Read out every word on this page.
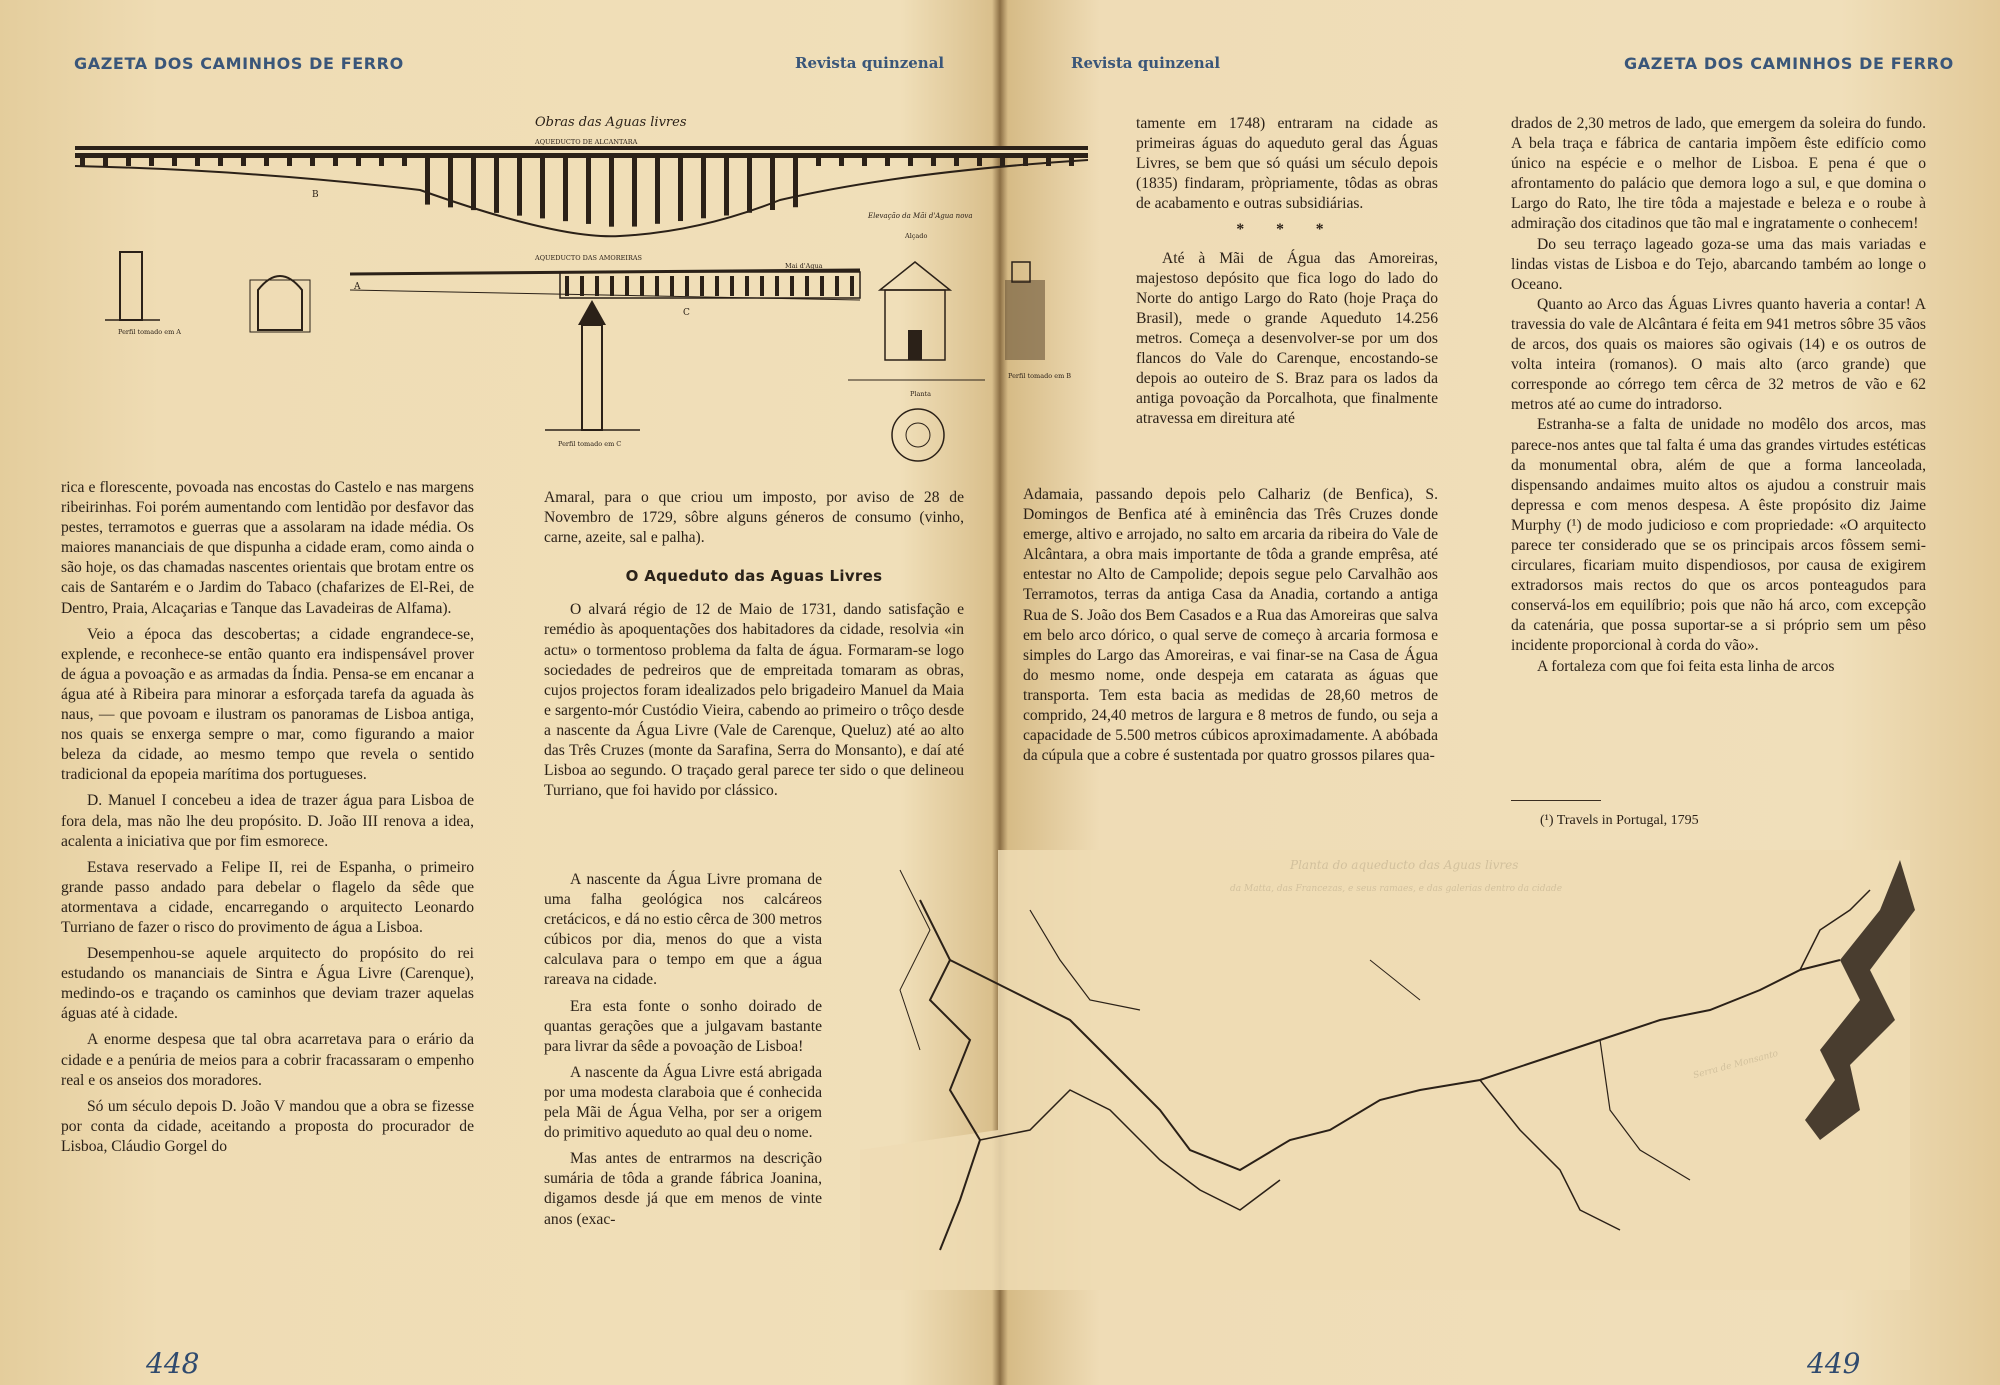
GAZETA DOS CAMINHOS DE FERRO	Revista quinzenal	Revista quinzenal	GAZETA DOS CAMINHOS DE FERRO
Obras das Aguas livres
AQUEDUCTO DE ALCANTARA
AQUEDUCTO DAS AMOREIRAS
Mai d'Agua
Elevação da Mãi d'Agua nova
Alçado
Planta
Perfil tomado em A
Perfil tomado em B
Perfil tomado em C
A
B
C

rica e florescente, povoada nas encostas do Castelo e nas margens ribeirinhas. Foi porém aumentando com lentidão por desfavor das pestes, terramotos e guerras que a assolaram na idade média. Os maiores mananciais de que dispunha a cidade eram, como ainda o são hoje, os das chamadas nascentes orientais que brotam entre os cais de Santarém e o Jardim do Tabaco (chafarizes de El-Rei, de Dentro, Praia, Alcaçarias e Tanque das Lavadeiras de Alfama).

Veio a época das descobertas; a cidade engrandece-se, explende, e reconhece-se então quanto era indispensável prover de água a povoação e as armadas da Índia. Pensa-se em encanar a água até à Ribeira para minorar a esforçada tarefa da aguada às naus, — que povoam e ilustram os panoramas de Lisboa antiga, nos quais se enxerga sempre o mar, como figurando a maior beleza da cidade, ao mesmo tempo que revela o sentido tradicional da epopeia marítima dos portugueses.

D. Manuel I concebeu a idea de trazer água para Lisboa de fora dela, mas não lhe deu propósito. D. João III renova a idea, acalenta a iniciativa que por fim esmorece.

Estava reservado a Felipe II, rei de Espanha, o primeiro grande passo andado para debelar o flagelo da sêde que atormentava a cidade, encarregando o arquitecto Leonardo Turriano de fazer o risco do provimento de água a Lisboa.

Desempenhou-se aquele arquitecto do propósito do rei estudando os mananciais de Sintra e Água Livre (Carenque), medindo-os e traçando os caminhos que deviam trazer aquelas águas até à cidade.

A enorme despesa que tal obra acarretava para o erário da cidade e a penúria de meios para a cobrir fracassaram o empenho real e os anseios dos moradores.

Só um século depois D. João V mandou que a obra se fizesse por conta da cidade, aceitando a proposta do procurador de Lisboa, Cláudio Gorgel do

Amaral, para o que criou um imposto, por aviso de 28 de Novembro de 1729, sôbre alguns géneros de consumo (vinho, carne, azeite, sal e palha).

O Aqueduto das Aguas Livres

O alvará régio de 12 de Maio de 1731, dando satisfação e remédio às apoquentações dos habitadores da cidade, resolvia «in actu» o tormentoso problema da falta de água. Formaram-se logo sociedades de pedreiros que de empreitada tomaram as obras, cujos projectos foram idealizados pelo brigadeiro Manuel da Maia e sargento-mór Custódio Vieira, cabendo ao primeiro o trôço desde a nascente da Água Livre (Vale de Carenque, Queluz) até ao alto das Três Cruzes (monte da Sarafina, Serra do Monsanto), e daí até Lisboa ao segundo. O traçado geral parece ter sido o que delineou Turriano, que foi havido por clássico.

A nascente da Água Livre promana de uma falha geológica nos calcáreos cretácicos, e dá no estio cêrca de 300 metros cúbicos por dia, menos do que a vista calculava para o tempo em que a água rareava na cidade.

Era esta fonte o sonho doirado de quantas gerações que a julgavam bastante para livrar da sêde a povoação de Lisboa!

A nascente da Água Livre está abrigada por uma modesta claraboia que é conhecida pela Mãi de Água Velha, por ser a origem do primitivo aqueduto ao qual deu o nome.

Mas antes de entrarmos na descrição sumária de tôda a grande fábrica Joanina, digamos desde já que em menos de vinte anos (exac-

tamente em 1748) entraram na cidade as primeiras águas do aqueduto geral das Águas Livres, se bem que só quási um século depois (1835) findaram, pròpriamente, tôdas as obras de acabamento e outras subsidiárias.

* * *

Até à Mãi de Água das Amoreiras, majestoso depósito que fica logo do lado do Norte do antigo Largo do Rato (hoje Praça do Brasil), mede o grande Aqueduto 14.256 metros. Começa a desenvolver-se por um dos flancos do Vale do Carenque, encostando-se depois ao outeiro de S. Braz para os lados da antiga povoação da Porcalhota, que finalmente atravessa em direitura até

Adamaia, passando depois pelo Calhariz (de Benfica), S. Domingos de Benfica até à eminência das Três Cruzes donde emerge, altivo e arrojado, no salto em arcaria da ribeira do Vale de Alcântara, a obra mais importante de tôda a grande emprêsa, até entestar no Alto de Campolide; depois segue pelo Carvalhão aos Terramotos, terras da antiga Casa da Anadia, cortando a antiga Rua de S. João dos Bem Casados e a Rua das Amoreiras que salva em belo arco dórico, o qual serve de começo à arcaria formosa e simples do Largo das Amoreiras, e vai finar-se na Casa de Água do mesmo nome, onde despeja em catarata as águas que transporta. Tem esta bacia as medidas de 28,60 metros de comprido, 24,40 metros de largura e 8 metros de fundo, ou seja a capacidade de 5.500 metros cúbicos aproximadamente. A abóbada da cúpula que a cobre é sustentada por quatro grossos pilares qua-

drados de 2,30 metros de lado, que emergem da soleira do fundo. A bela traça e fábrica de cantaria impõem êste edifício como único na espécie e o melhor de Lisboa. E pena é que o afrontamento do palácio que demora logo a sul, e que domina o Largo do Rato, lhe tire tôda a majestade e beleza e o roube à admiração dos citadinos que tão mal e ingratamente o conhecem!

Do seu terraço lageado goza-se uma das mais variadas e lindas vistas de Lisboa e do Tejo, abarcando também ao longe o Oceano.

Quanto ao Arco das Águas Livres quanto haveria a contar! A travessia do vale de Alcântara é feita em 941 metros sôbre 35 vãos de arcos, dos quais os maiores são ogivais (14) e os outros de volta inteira (romanos). O mais alto (arco grande) que corresponde ao córrego tem cêrca de 32 metros de vão e 62 metros até ao cume do intradorso.

Estranha-se a falta de unidade no modêlo dos arcos, mas parece-nos antes que tal falta é uma das grandes virtudes estéticas da monumental obra, além de que a forma lanceolada, dispensando andaimes muito altos os ajudou a construir mais depressa e com menos despesa. A êste propósito diz Jaime Murphy (¹) de modo judicioso e com propriedade: «O arquitecto parece ter considerado que se os principais arcos fôssem semi-circulares, ficariam muito dispendiosos, por causa de exigirem extradorsos mais rectos do que os arcos ponteagudos para conservá-los em equilíbrio; pois que não há arco, com excepção da catenária, que possa suportar-se a si próprio sem um pêso incidente proporcional à corda do vão».

A fortaleza com que foi feita esta linha de arcos

(¹) Travels in Portugal, 1795
448	449
